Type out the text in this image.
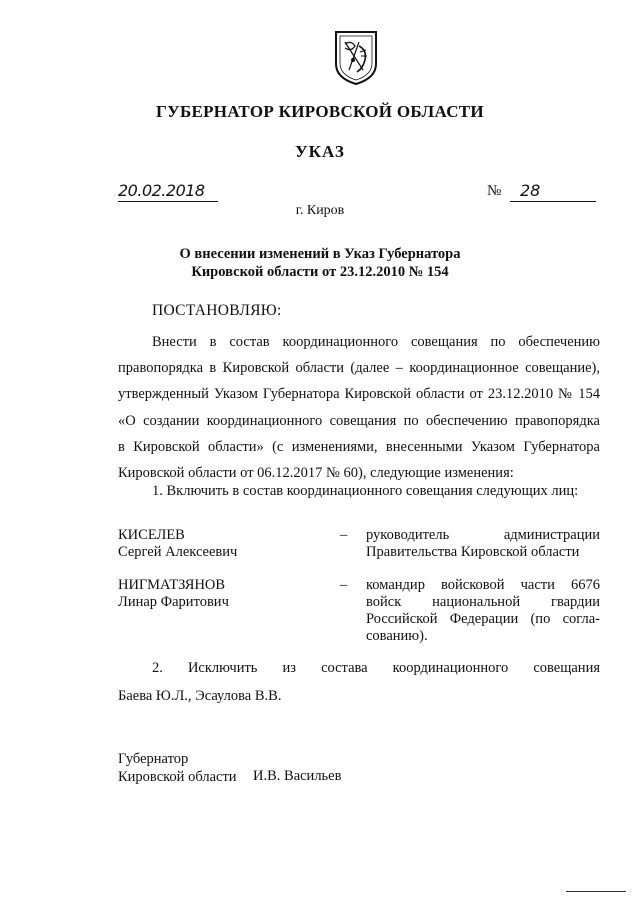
ГУБЕРНАТОР КИРОВСКОЙ ОБЛАСТИ
УКАЗ
20.02.2018	№	28
г. Киров
О внесении изменений в Указ Губернатора
Кировской области от 23.12.2010 № 154
ПОСТАНОВЛЯЮ:
Внести в состав координационного совещания по обеспечению
правопорядка в Кировской области (далее – координационное совещание),
утвержденный Указом Губернатора Кировской области от 23.12.2010 № 154
«О создании координационного совещания по обеспечению правопорядка
в Кировской области» (с изменениями, внесенными Указом Губернатора
Кировской области от 06.12.2017 № 60), следующие изменения:
1. Включить в состав координационного совещания следующих лиц:
КИСЕЛЕВ
Сергей Алексеевич
– руководитель администрации
Правительства Кировской области
НИГМАТЗЯНОВ
Линар Фаритович
– командир войсковой части 6676
войск национальной гвардии
Российской Федерации (по согла-
сованию).
2. Исключить из состава координационного совещания
Баева Ю.Л., Эсаулова В.В.
Губернатор
Кировской области И.В. Васильев
